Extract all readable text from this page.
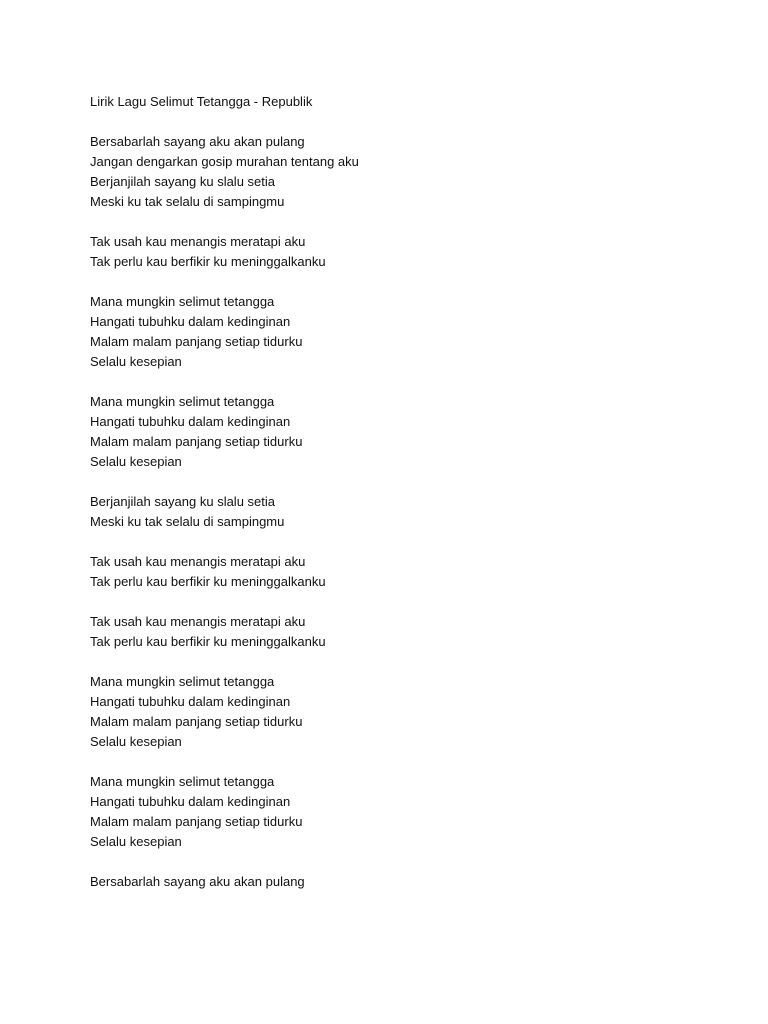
Lirik Lagu Selimut Tetangga - Republik
Bersabarlah sayang aku akan pulang
Jangan dengarkan gosip murahan tentang aku
Berjanjilah sayang ku slalu setia
Meski ku tak selalu di sampingmu
Tak usah kau menangis meratapi aku
Tak perlu kau berfikir ku meninggalkanku
Mana mungkin selimut tetangga
Hangati tubuhku dalam kedinginan
Malam malam panjang setiap tidurku
Selalu kesepian
Mana mungkin selimut tetangga
Hangati tubuhku dalam kedinginan
Malam malam panjang setiap tidurku
Selalu kesepian
Berjanjilah sayang ku slalu setia
Meski ku tak selalu di sampingmu
Tak usah kau menangis meratapi aku
Tak perlu kau berfikir ku meninggalkanku
Tak usah kau menangis meratapi aku
Tak perlu kau berfikir ku meninggalkanku
Mana mungkin selimut tetangga
Hangati tubuhku dalam kedinginan
Malam malam panjang setiap tidurku
Selalu kesepian
Mana mungkin selimut tetangga
Hangati tubuhku dalam kedinginan
Malam malam panjang setiap tidurku
Selalu kesepian
Bersabarlah sayang aku akan pulang
